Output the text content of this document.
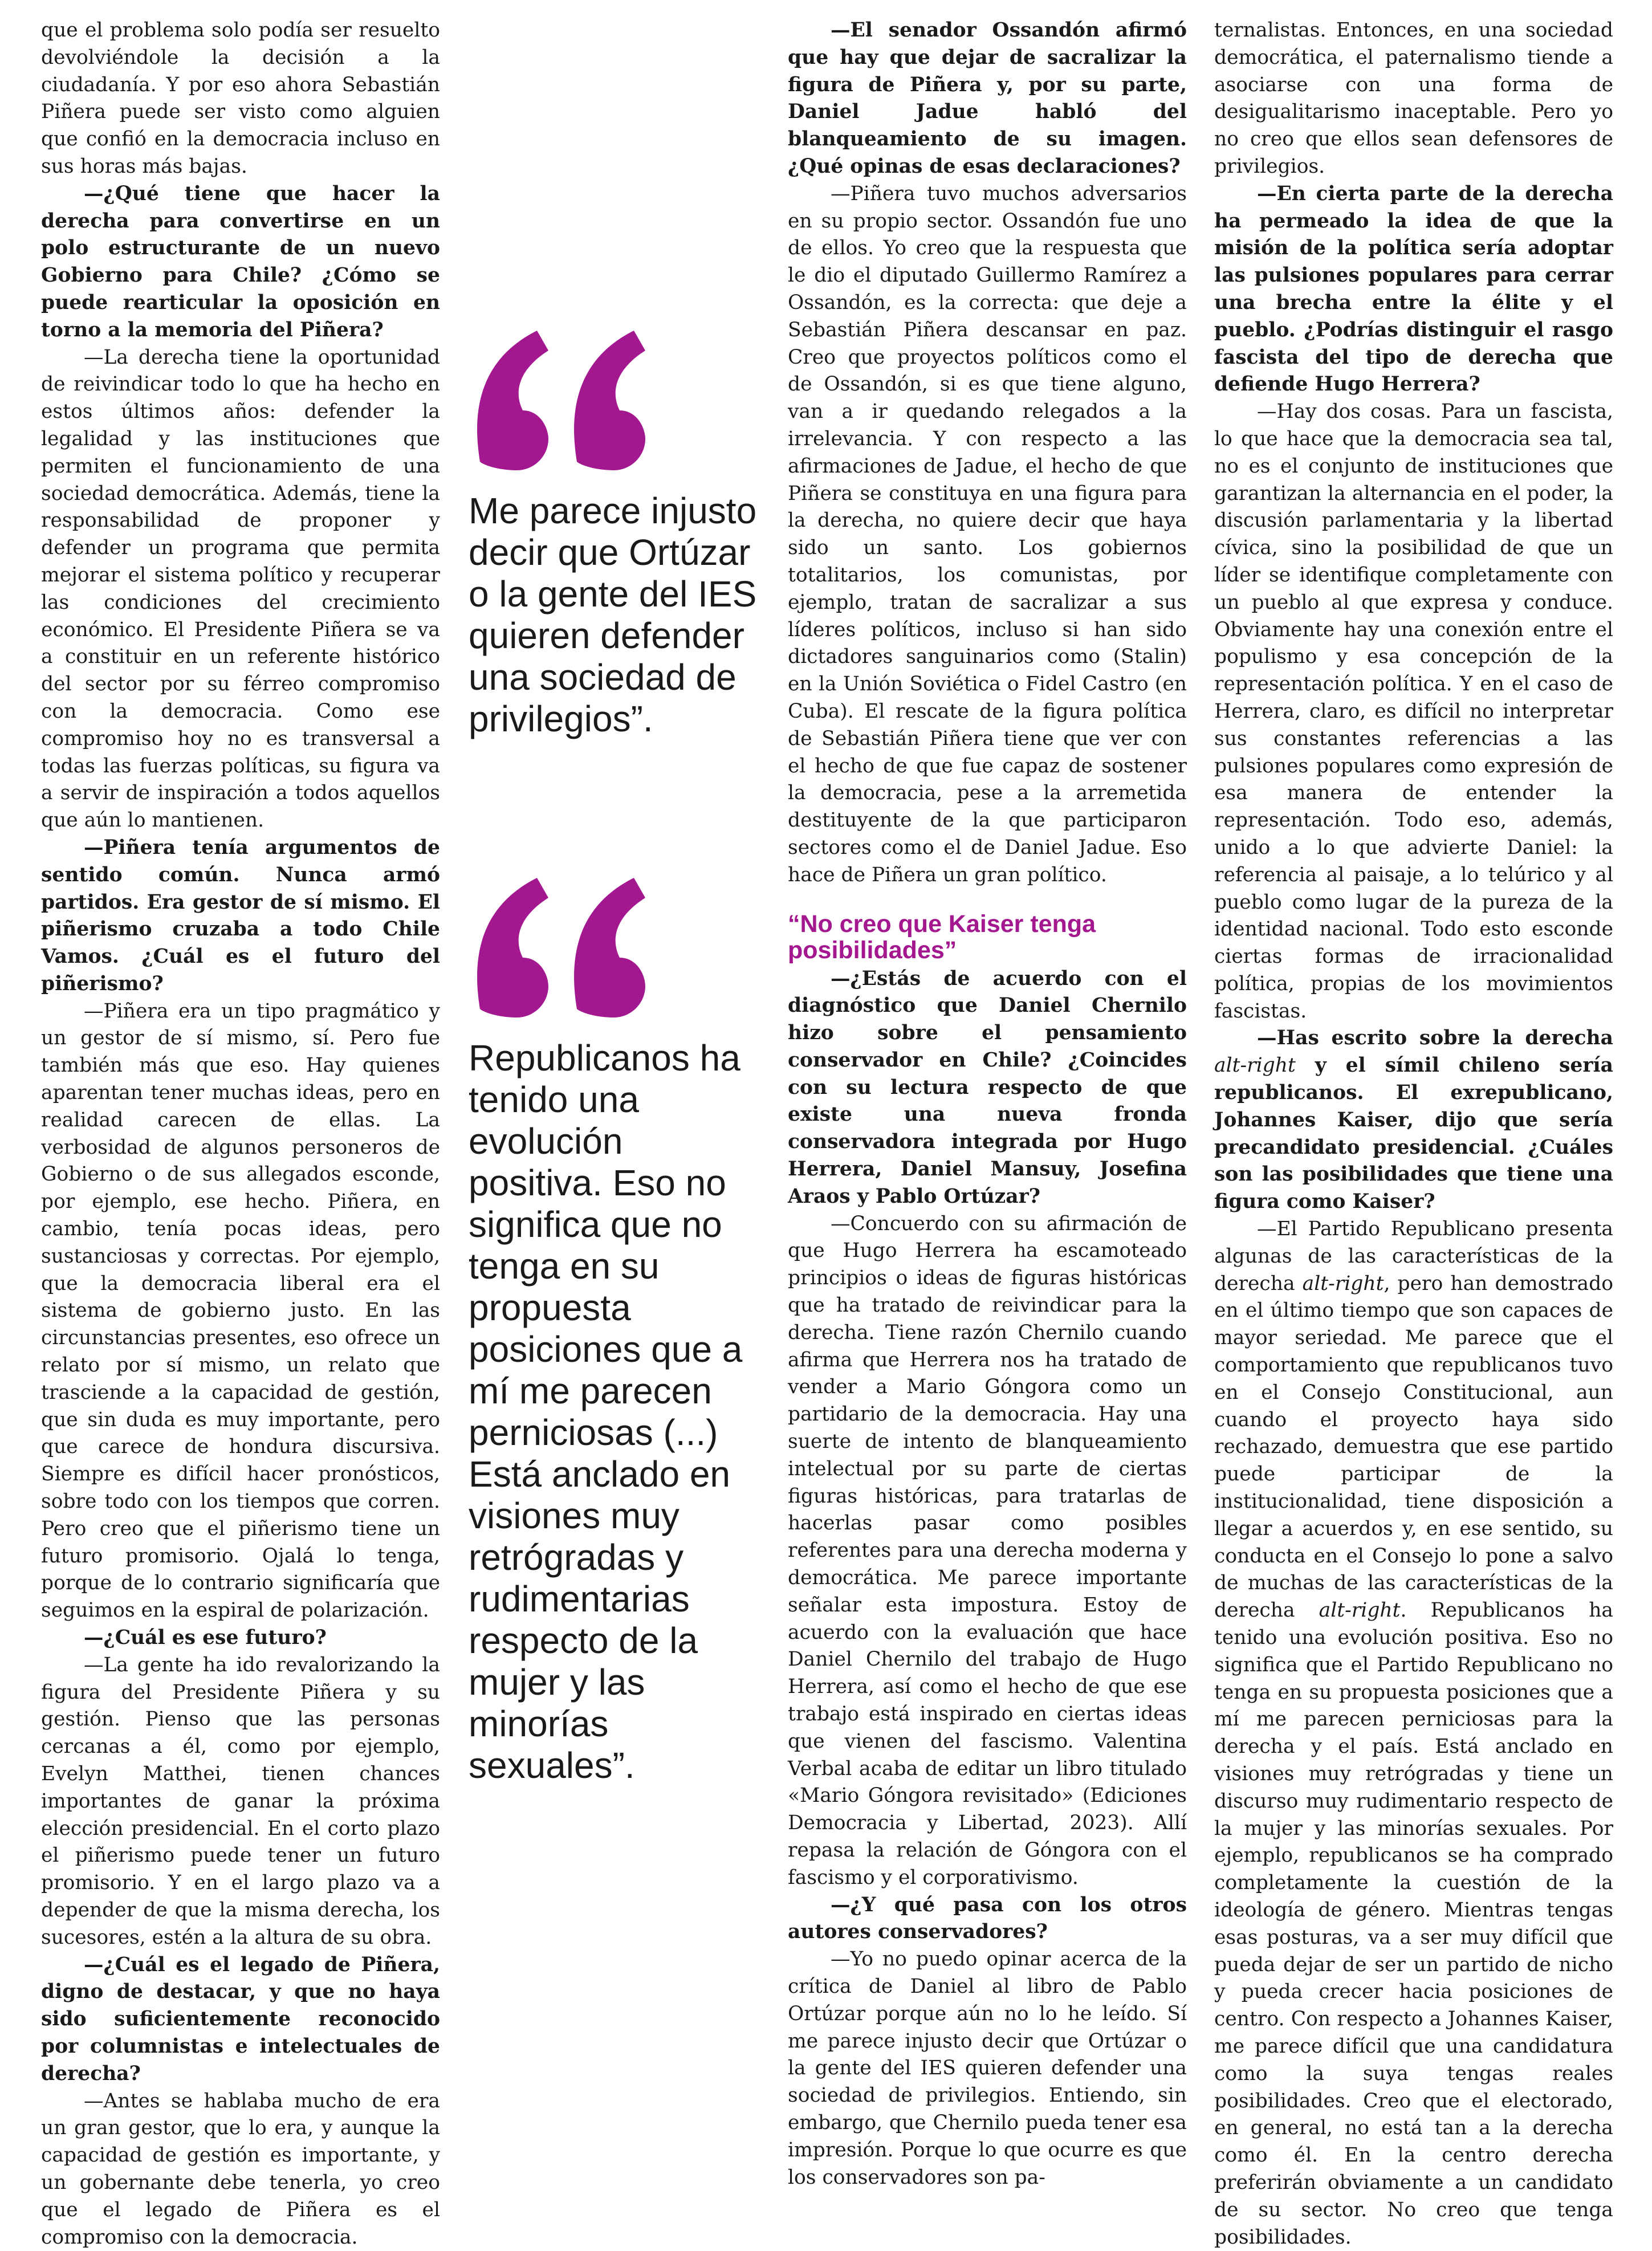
que el problema solo podía ser resuelto devolviéndole la decisión a la ciudadanía. Y por eso ahora Sebastián Piñera puede ser visto como alguien que confió en la democracia incluso en sus horas más bajas.

—¿Qué tiene que hacer la derecha para convertirse en un polo estructurante de un nuevo Gobierno para Chile? ¿Cómo se puede rearticular la oposición en torno a la memoria del Piñera?

—La derecha tiene la oportunidad de reivindicar todo lo que ha hecho en estos últimos años: defender la legalidad y las instituciones que permiten el funcionamiento de una sociedad democrática. Además, tiene la responsabilidad de proponer y defender un programa que permita mejorar el sistema político y recuperar las condiciones del crecimiento económico. El Presidente Piñera se va a constituir en un referente histórico del sector por su férreo compromiso con la democracia. Como ese compromiso hoy no es transversal a todas las fuerzas políticas, su figura va a servir de inspiración a todos aquellos que aún lo mantienen.

—Piñera tenía argumentos de sentido común. Nunca armó partidos. Era gestor de sí mismo. El piñerismo cruzaba a todo Chile Vamos. ¿Cuál es el futuro del piñerismo?

—Piñera era un tipo pragmático y un gestor de sí mismo, sí. Pero fue también más que eso. Hay quienes aparentan tener muchas ideas, pero en realidad carecen de ellas. La verbosidad de algunos personeros de Gobierno o de sus allegados esconde, por ejemplo, ese hecho. Piñera, en cambio, tenía pocas ideas, pero sustanciosas y correctas. Por ejemplo, que la democracia liberal era el sistema de gobierno justo. En las circunstancias presentes, eso ofrece un relato por sí mismo, un relato que trasciende a la capacidad de gestión, que sin duda es muy importante, pero que carece de hondura discursiva. Siempre es difícil hacer pronósticos, sobre todo con los tiempos que corren. Pero creo que el piñerismo tiene un futuro promisorio. Ojalá lo tenga, porque de lo contrario significaría que seguimos en la espiral de polarización.

—¿Cuál es ese futuro?

—La gente ha ido revalorizando la figura del Presidente Piñera y su gestión. Pienso que las personas cercanas a él, como por ejemplo, Evelyn Matthei, tienen chances importantes de ganar la próxima elección presidencial. En el corto plazo el piñerismo puede tener un futuro promisorio. Y en el largo plazo va a depender de que la misma derecha, los sucesores, estén a la altura de su obra.

—¿Cuál es el legado de Piñera, digno de destacar, y que no haya sido suficientemente reconocido por columnistas e intelectuales de derecha?

—Antes se hablaba mucho de era un gran gestor, que lo era, y aunque la capacidad de gestión es importante, y un gobernante debe tenerla, yo creo que el legado de Piñera es el compromiso con la democracia.

Me parece injusto decir que Ortúzar o la gente del IES quieren defender una sociedad de privilegios”.
Republicanos ha tenido una evolución positiva. Eso no significa que no tenga en su propuesta posiciones que a mí me parecen perniciosas (...) Está anclado en visiones muy retrógradas y rudimentarias respecto de la mujer y las minorías sexuales”.

—El senador Ossandón afirmó que hay que dejar de sacralizar la figura de Piñera y, por su parte, Daniel Jadue habló del blanqueamiento de su imagen. ¿Qué opinas de esas declaraciones?

—Piñera tuvo muchos adversarios en su propio sector. Ossandón fue uno de ellos. Yo creo que la respuesta que le dio el diputado Guillermo Ramírez a Ossandón, es la correcta: que deje a Sebastián Piñera descansar en paz. Creo que proyectos políticos como el de Ossandón, si es que tiene alguno, van a ir quedando relegados a la irrelevancia. Y con respecto a las afirmaciones de Jadue, el hecho de que Piñera se constituya en una figura para la derecha, no quiere decir que haya sido un santo. Los gobiernos totalitarios, los comunistas, por ejemplo, tratan de sacralizar a sus líderes políticos, incluso si han sido dictadores sanguinarios como (Stalin) en la Unión Soviética o Fidel Castro (en Cuba). El rescate de la figura política de Sebastián Piñera tiene que ver con el hecho de que fue capaz de sostener la democracia, pese a la arremetida destituyente de la que participaron sectores como el de Daniel Jadue. Eso hace de Piñera un gran político.

“No creo que Kaiser tenga posibilidades”

—¿Estás de acuerdo con el diagnóstico que Daniel Chernilo hizo sobre el pensamiento conservador en Chile? ¿Coincides con su lectura respecto de que existe una nueva fronda conservadora integrada por Hugo Herrera, Daniel Mansuy, Josefina Araos y Pablo Ortúzar?

—Concuerdo con su afirmación de que Hugo Herrera ha escamoteado principios o ideas de figuras históricas que ha tratado de reivindicar para la derecha. Tiene razón Chernilo cuando afirma que Herrera nos ha tratado de vender a Mario Góngora como un partidario de la democracia. Hay una suerte de intento de blanqueamiento intelectual por su parte de ciertas figuras históricas, para tratarlas de hacerlas pasar como posibles referentes para una derecha moderna y democrática. Me parece importante señalar esta impostura. Estoy de acuerdo con la evaluación que hace Daniel Chernilo del trabajo de Hugo Herrera, así como el hecho de que ese trabajo está inspirado en ciertas ideas que vienen del fascismo. Valentina Verbal acaba de editar un libro titulado «Mario Góngora revisitado» (Ediciones Democracia y Libertad, 2023). Allí repasa la relación de Góngora con el fascismo y el corporativismo.

—¿Y qué pasa con los otros autores conservadores?

—Yo no puedo opinar acerca de la crítica de Daniel al libro de Pablo Ortúzar porque aún no lo he leído. Sí me parece injusto decir que Ortúzar o la gente del IES quieren defender una sociedad de privilegios. Entiendo, sin embargo, que Chernilo pueda tener esa impresión. Porque lo que ocurre es que los conservadores son pa-

ternalistas. Entonces, en una sociedad democrática, el paternalismo tiende a asociarse con una forma de desigualitarismo inaceptable. Pero yo no creo que ellos sean defensores de privilegios.

—En cierta parte de la derecha ha permeado la idea de que la misión de la política sería adoptar las pulsiones populares para cerrar una brecha entre la élite y el pueblo. ¿Podrías distinguir el rasgo fascista del tipo de derecha que defiende Hugo Herrera?

—Hay dos cosas. Para un fascista, lo que hace que la democracia sea tal, no es el conjunto de instituciones que garantizan la alternancia en el poder, la discusión parlamentaria y la libertad cívica, sino la posibilidad de que un líder se identifique completamente con un pueblo al que expresa y conduce. Obviamente hay una conexión entre el populismo y esa concepción de la representación política. Y en el caso de Herrera, claro, es difícil no interpretar sus constantes referencias a las pulsiones populares como expresión de esa manera de entender la representación. Todo eso, además, unido a lo que advierte Daniel: la referencia al paisaje, a lo telúrico y al pueblo como lugar de la pureza de la identidad nacional. Todo esto esconde ciertas formas de irracionalidad política, propias de los movimientos fascistas.

—Has escrito sobre la derecha alt-right y el símil chileno sería republicanos. El exrepublicano, Johannes Kaiser, dijo que sería precandidato presidencial. ¿Cuáles son las posibilidades que tiene una figura como Kaiser?

—El Partido Republicano presenta algunas de las características de la derecha alt-right, pero han demostrado en el último tiempo que son capaces de mayor seriedad. Me parece que el comportamiento que republicanos tuvo en el Consejo Constitucional, aun cuando el proyecto haya sido rechazado, demuestra que ese partido puede participar de la institucionalidad, tiene disposición a llegar a acuerdos y, en ese sentido, su conducta en el Consejo lo pone a salvo de muchas de las características de la derecha alt-right. Republicanos ha tenido una evolución positiva. Eso no significa que el Partido Republicano no tenga en su propuesta posiciones que a mí me parecen perniciosas para la derecha y el país. Está anclado en visiones muy retrógradas y tiene un discurso muy rudimentario respecto de la mujer y las minorías sexuales. Por ejemplo, republicanos se ha comprado completamente la cuestión de la ideología de género. Mientras tengas esas posturas, va a ser muy difícil que pueda dejar de ser un partido de nicho y pueda crecer hacia posiciones de centro. Con respecto a Johannes Kaiser, me parece difícil que una candidatura como la suya tengas reales posibilidades. Creo que el electorado, en general, no está tan a la derecha como él. En la centro derecha preferirán obviamente a un candidato de su sector. No creo que tenga posibilidades.
